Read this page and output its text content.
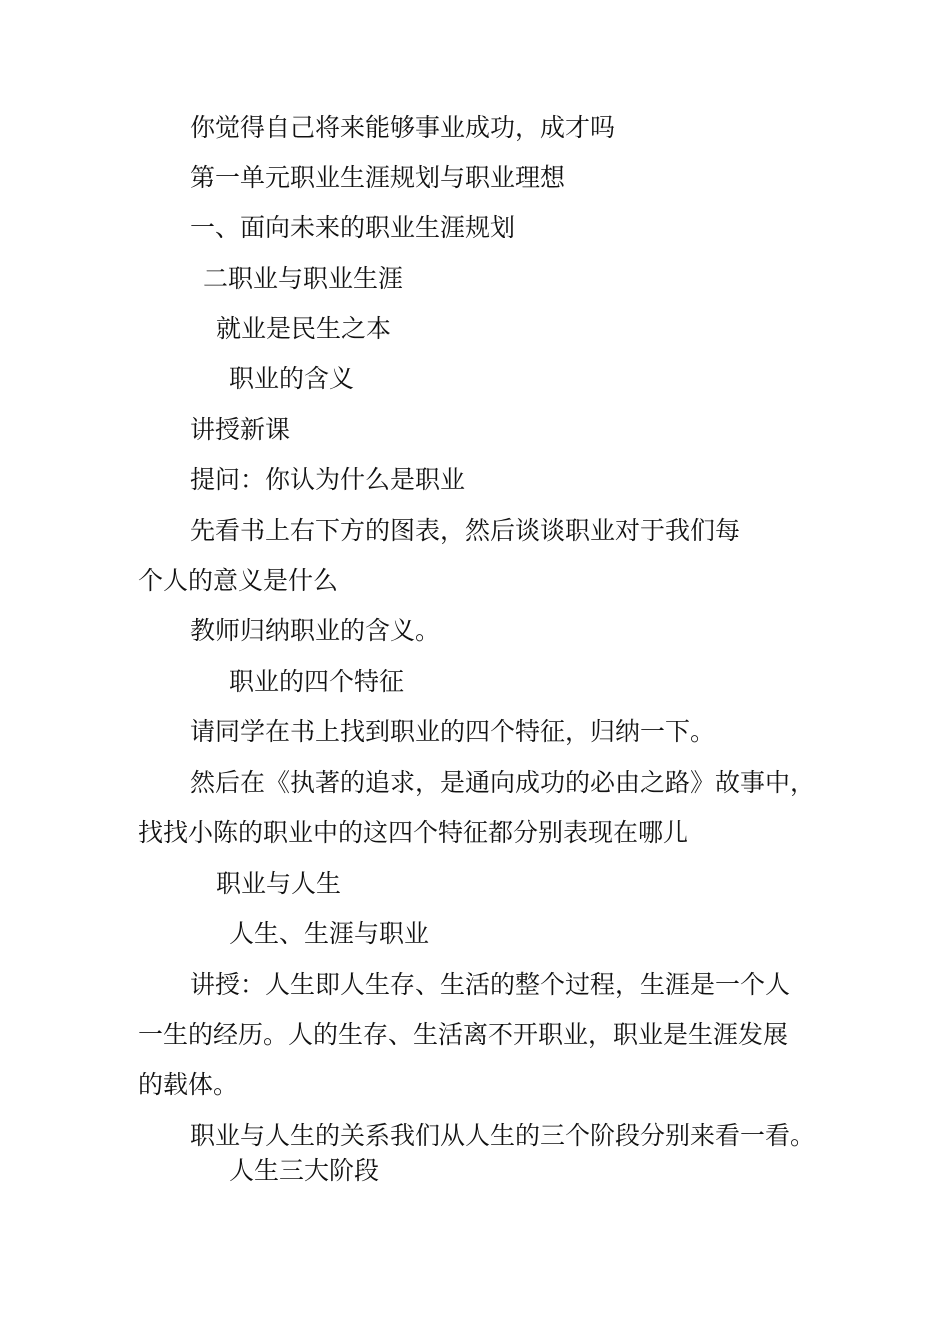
你觉得自己将来能够事业成功，成才吗
第一单元职业生涯规划与职业理想
一、面向未来的职业生涯规划
二职业与职业生涯
就业是民生之本
职业的含义
讲授新课
提问：你认为什么是职业
先看书上右下方的图表，然后谈谈职业对于我们每
个人的意义是什么
教师归纳职业的含义。
职业的四个特征
请同学在书上找到职业的四个特征，归纳一下。
然后在《执著的追求，是通向成功的必由之路》故事中，
找找小陈的职业中的这四个特征都分别表现在哪儿
职业与人生
人生、生涯与职业
讲授：人生即人生存、生活的整个过程，生涯是一个人
一生的经历。人的生存、生活离不开职业，职业是生涯发展
的载体。
职业与人生的关系我们从人生的三个阶段分别来看一看。
人生三大阶段
